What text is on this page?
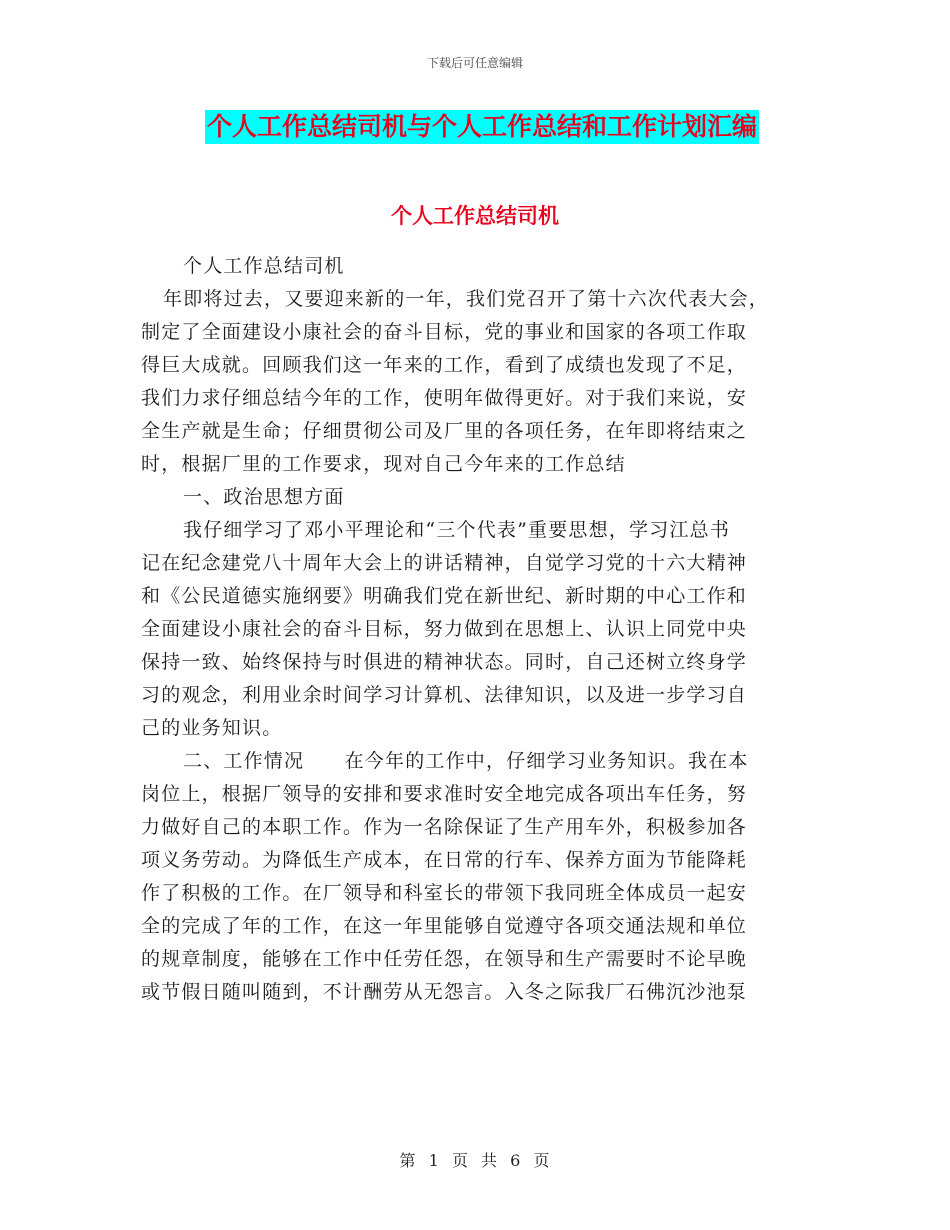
下载后可任意编辑
个人工作总结司机与个人工作总结和工作计划汇编
个人工作总结司机
个人工作总结司机
年即将过去，又要迎来新的一年，我们党召开了第十六次代表大会，
制定了全面建设小康社会的奋斗目标，党的事业和国家的各项工作取
得巨大成就。回顾我们这一年来的工作，看到了成绩也发现了不足，
我们力求仔细总结今年的工作，使明年做得更好。对于我们来说，安
全生产就是生命；仔细贯彻公司及厂里的各项任务，在年即将结束之
时，根据厂里的工作要求，现对自己今年来的工作总结
一、政治思想方面
我仔细学习了邓小平理论和“三个代表”重要思想，学习江总书
记在纪念建党八十周年大会上的讲话精神，自觉学习党的十六大精神
和《公民道德实施纲要》明确我们党在新世纪、新时期的中心工作和
全面建设小康社会的奋斗目标，努力做到在思想上、认识上同党中央
保持一致、始终保持与时俱进的精神状态。同时，自己还树立终身学
习的观念，利用业余时间学习计算机、法律知识，以及进一步学习自
己的业务知识。
二、工作情况　　在今年的工作中，仔细学习业务知识。我在本
岗位上，根据厂领导的安排和要求准时安全地完成各项出车任务，努
力做好自己的本职工作。作为一名除保证了生产用车外，积极参加各
项义务劳动。为降低生产成本，在日常的行车、保养方面为节能降耗
作了积极的工作。在厂领导和科室长的带领下我同班全体成员一起安
全的完成了年的工作，在这一年里能够自觉遵守各项交通法规和单位
的规章制度，能够在工作中任劳任怨，在领导和生产需要时不论早晚
或节假日随叫随到，不计酬劳从无怨言。入冬之际我厂石佛沉沙池泵
第 1 页 共 6 页
